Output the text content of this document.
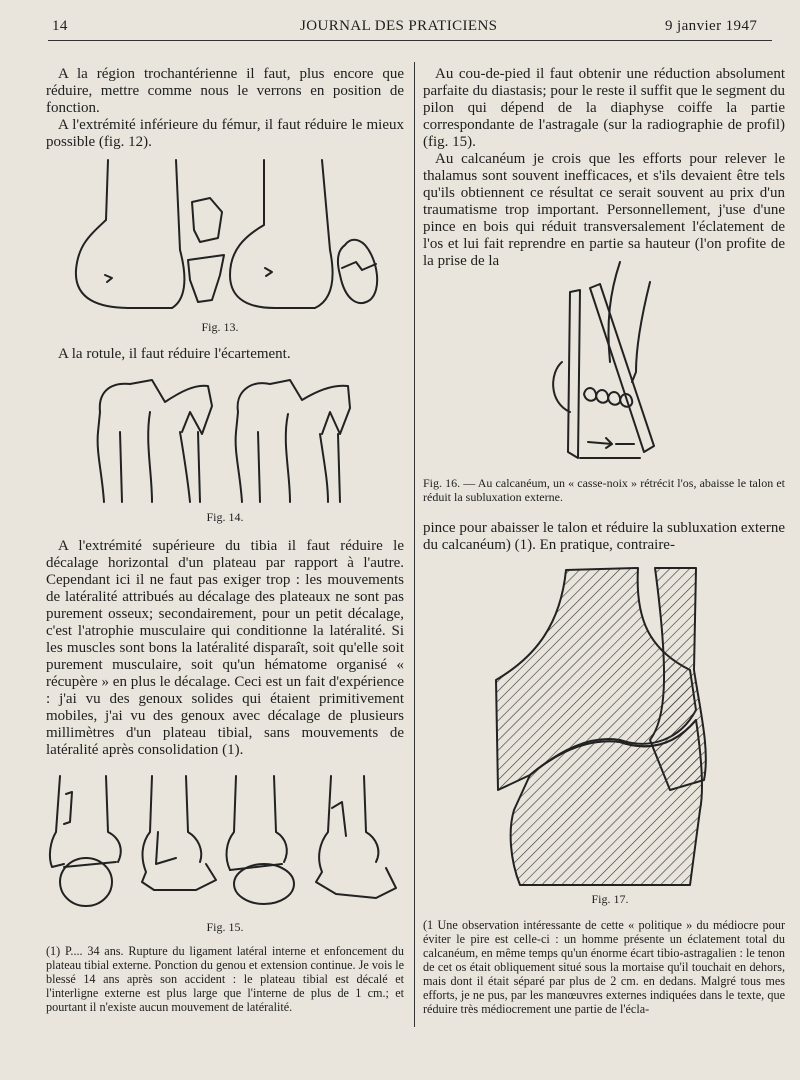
14	JOURNAL DES PRATICIENS	9 janvier 1947

A la région trochantérienne il faut, plus encore que réduire, mettre comme nous le verrons en position de fonction.

A l'extrémité inférieure du fémur, il faut réduire le mieux possible (fig. 12).

Fig. 13.

A la rotule, il faut réduire l'écartement.

Fig. 14.

A l'extrémité supérieure du tibia il faut réduire le décalage horizontal d'un plateau par rapport à l'autre. Cependant ici il ne faut pas exiger trop : les mouvements de latéralité attribués au décalage des plateaux ne sont pas purement osseux; secondairement, pour un petit décalage, c'est l'atrophie musculaire qui conditionne la latéralité. Si les muscles sont bons la latéralité disparaît, soit qu'elle soit purement musculaire, soit qu'un hématome organisé « récupère » en plus le décalage. Ceci est un fait d'expérience : j'ai vu des genoux solides qui étaient primitivement mobiles, j'ai vu des genoux avec décalage de plusieurs millimètres d'un plateau tibial, sans mouvements de latéralité après consolidation (1).

Fig. 15.
(1) P.... 34 ans. Rupture du ligament latéral interne et enfoncement du plateau tibial externe. Ponction du genou et extension continue. Je vois le blessé 14 ans après son accident : le plateau tibial est décalé et l'interligne externe est plus large que l'interne de plus de 1 cm.; et pourtant il n'existe aucun mouvement de latéralité.

Au cou-de-pied il faut obtenir une réduction absolument parfaite du diastasis; pour le reste il suffit que le segment du pilon qui dépend de la diaphyse coiffe la partie correspondante de l'astragale (sur la radiographie de profil) (fig. 15).

Au calcanéum je crois que les efforts pour relever le thalamus sont souvent inefficaces, et s'ils devaient être tels qu'ils obtiennent ce résultat ce serait souvent au prix d'un traumatisme trop important. Personnellement, j'use d'une pince en bois qui réduit transversalement l'éclatement de l'os et lui fait reprendre en partie sa hauteur (l'on profite de la prise de la

Fig. 16. — Au calcanéum, un « casse-noix » rétrécit l'os, abaisse le talon et réduit la subluxation externe.

pince pour abaisser le talon et réduire la subluxation externe du calcanéum) (1). En pratique, contraire-

Fig. 17.
(1 Une observation intéressante de cette « politique » du médiocre pour éviter le pire est celle-ci : un homme présente un éclatement total du calcanéum, en même temps qu'un énorme écart tibio-astragalien : le tenon de cet os était obliquement situé sous la mortaise qu'il touchait en dehors, mais dont il était séparé par plus de 2 cm. en dedans. Malgré tous mes efforts, je ne pus, par les manœuvres externes indiquées dans le texte, que réduire très médiocrement une partie de l'écla-
